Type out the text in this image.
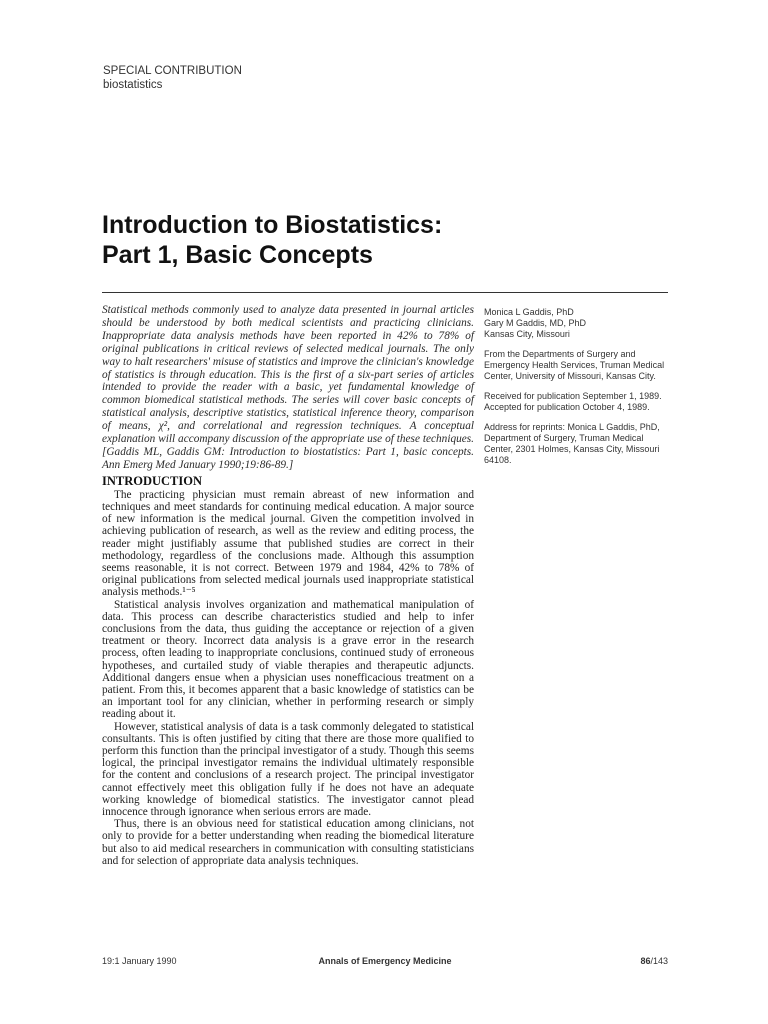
SPECIAL CONTRIBUTION
biostatistics
Introduction to Biostatistics:
Part 1, Basic Concepts

Statistical methods commonly used to analyze data presented in journal articles should be understood by both medical scientists and practicing clinicians. Inappropriate data analysis methods have been reported in 42% to 78% of original publications in critical reviews of selected medical journals. The only way to halt researchers' misuse of statistics and improve the clinician's knowledge of statistics is through education. This is the first of a six-part series of articles intended to provide the reader with a basic, yet fundamental knowledge of common biomedical statistical methods. The series will cover basic concepts of statistical analysis, descriptive statistics, statistical inference theory, comparison of means, χ², and correlational and regression techniques. A conceptual explanation will accompany discussion of the appropriate use of these techniques. [Gaddis ML, Gaddis GM: Introduction to biostatistics: Part 1, basic concepts. Ann Emerg Med January 1990;19:86-89.]

INTRODUCTION

The practicing physician must remain abreast of new information and techniques and meet standards for continuing medical education. A major source of new information is the medical journal. Given the competition involved in achieving publication of research, as well as the review and editing process, the reader might justifiably assume that published studies are correct in their methodology, regardless of the conclusions made. Although this assumption seems reasonable, it is not correct. Between 1979 and 1984, 42% to 78% of original publications from selected medical journals used inappropriate statistical analysis methods.¹⁻⁵

Statistical analysis involves organization and mathematical manipulation of data. This process can describe characteristics studied and help to infer conclusions from the data, thus guiding the acceptance or rejection of a given treatment or theory. Incorrect data analysis is a grave error in the research process, often leading to inappropriate conclusions, continued study of erroneous hypotheses, and curtailed study of viable therapies and therapeutic adjuncts. Additional dangers ensue when a physician uses nonefficacious treatment on a patient. From this, it becomes apparent that a basic knowledge of statistics can be an important tool for any clinician, whether in performing research or simply reading about it.

However, statistical analysis of data is a task commonly delegated to statistical consultants. This is often justified by citing that there are those more qualified to perform this function than the principal investigator of a study. Though this seems logical, the principal investigator remains the individual ultimately responsible for the content and conclusions of a research project. The principal investigator cannot effectively meet this obligation fully if he does not have an adequate working knowledge of biomedical statistics. The investigator cannot plead innocence through ignorance when serious errors are made.

Thus, there is an obvious need for statistical education among clinicians, not only to provide for a better understanding when reading the biomedical literature but also to aid medical researchers in communication with consulting statisticians and for selection of appropriate data analysis techniques.

Monica L Gaddis, PhD
Gary M Gaddis, MD, PhD
Kansas City, Missouri
From the Departments of Surgery and Emergency Health Services, Truman Medical Center, University of Missouri, Kansas City.
Received for publication September 1, 1989. Accepted for publication October 4, 1989.
Address for reprints: Monica L Gaddis, PhD, Department of Surgery, Truman Medical Center, 2301 Holmes, Kansas City, Missouri 64108.
19:1 January 1990	Annals of Emergency Medicine	86/143
